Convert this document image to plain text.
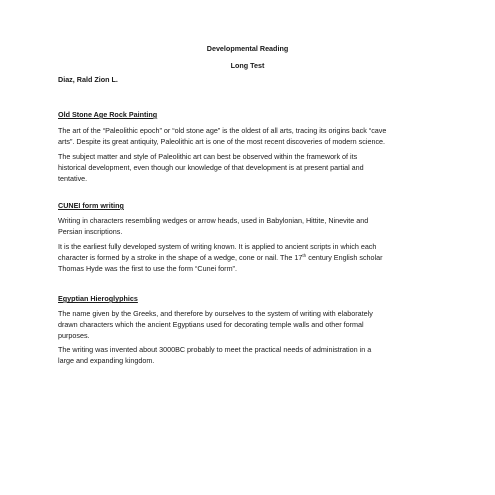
Developmental Reading
Long Test
Diaz, Rald Zion L.
Old Stone Age Rock Painting
The art of the “Paleolithic epoch” or “old stone age” is the oldest of all arts, tracing its origins back “cave
arts”. Despite its great antiquity, Paleolithic art is one of the most recent discoveries of modern science.
The subject matter and style of Paleolithic art can best be observed within the framework of its
historical development, even though our knowledge of that development is at present partial and
tentative.
CUNEI form writing
Writing in characters resembling wedges or arrow heads, used in Babylonian, Hittite, Ninevite and
Persian inscriptions.
It is the earliest fully developed system of writing known. It is applied to ancient scripts in which each
character is formed by a stroke in the shape of a wedge, cone or nail. The 17th century English scholar
Thomas Hyde was the first to use the form “Cunei form”.
Egyptian Hieroglyphics
The name given by the Greeks, and therefore by ourselves to the system of writing with elaborately
drawn characters which the ancient Egyptians used for decorating temple walls and other formal
purposes.
The writing was invented about 3000BC probably to meet the practical needs of administration in a
large and expanding kingdom.
